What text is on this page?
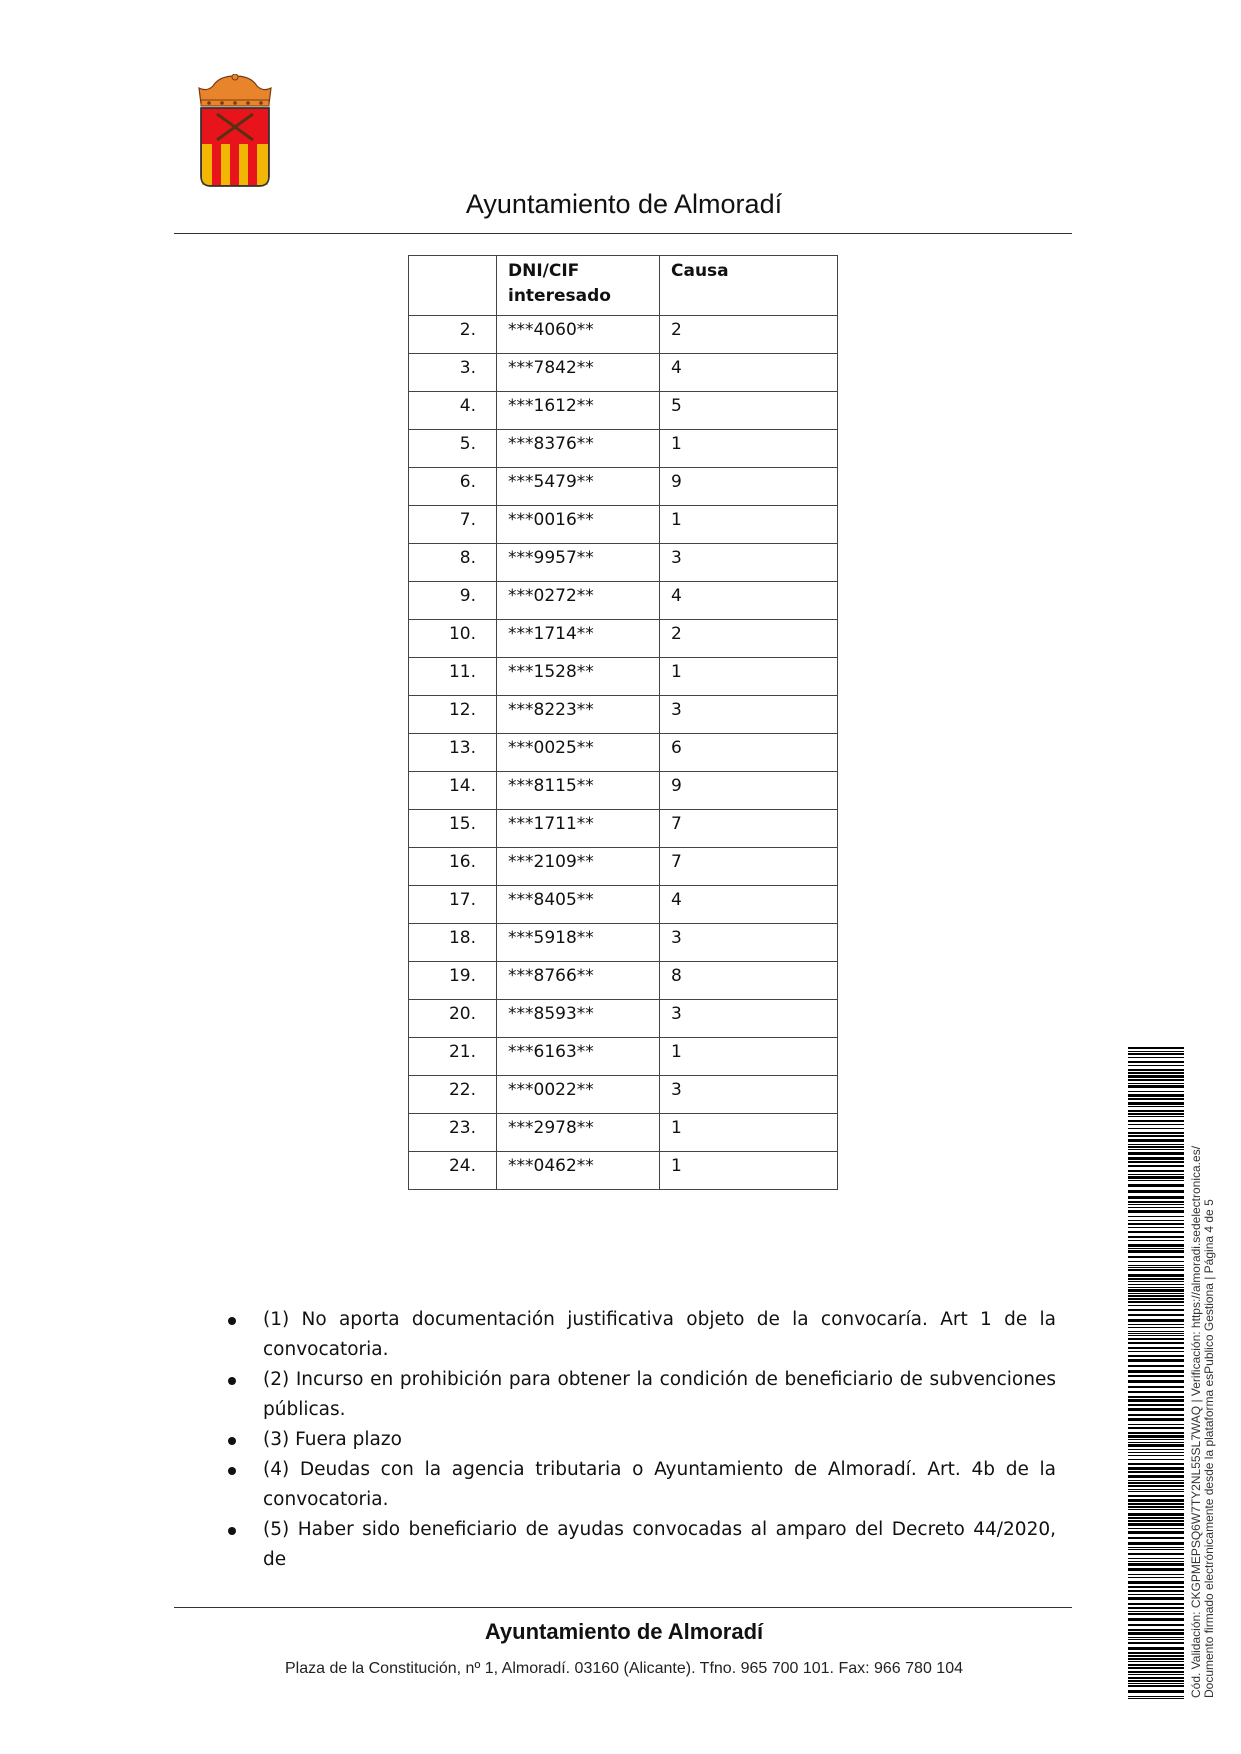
Ayuntamiento de Almoradí
	DNI/CIF interesado	Causa
2.	***4060**	2
3.	***7842**	4
4.	***1612**	5
5.	***8376**	1
6.	***5479**	9
7.	***0016**	1
8.	***9957**	3
9.	***0272**	4
10.	***1714**	2
11.	***1528**	1
12.	***8223**	3
13.	***0025**	6
14.	***8115**	9
15.	***1711**	7
16.	***2109**	7
17.	***8405**	4
18.	***5918**	3
19.	***8766**	8
20.	***8593**	3
21.	***6163**	1
22.	***0022**	3
23.	***2978**	1
24.	***0462**	1
(1) No aporta documentación justificativa objeto de la convocaría. Art 1 de la convocatoria.
(2) Incurso en prohibición para obtener la condición de beneficiario de subvenciones públicas.
(3) Fuera plazo
(4) Deudas con la agencia tributaria o Ayuntamiento de Almoradí. Art. 4b de la convocatoria.
(5) Haber sido beneficiario de ayudas convocadas al amparo del Decreto 44/2020, de
Ayuntamiento de Almoradí
Plaza de la Constitución, nº 1, Almoradí. 03160 (Alicante). Tfno. 965 700 101. Fax: 966 780 104	Cód. Validación: CKGPMEPSQ6W7TY2NL55SL7WAQ | Verificación: https://almoradi.sedelectronica.es/ Documento firmado electrónicamente desde la plataforma esPublico Gestiona | Página 4 de 5
